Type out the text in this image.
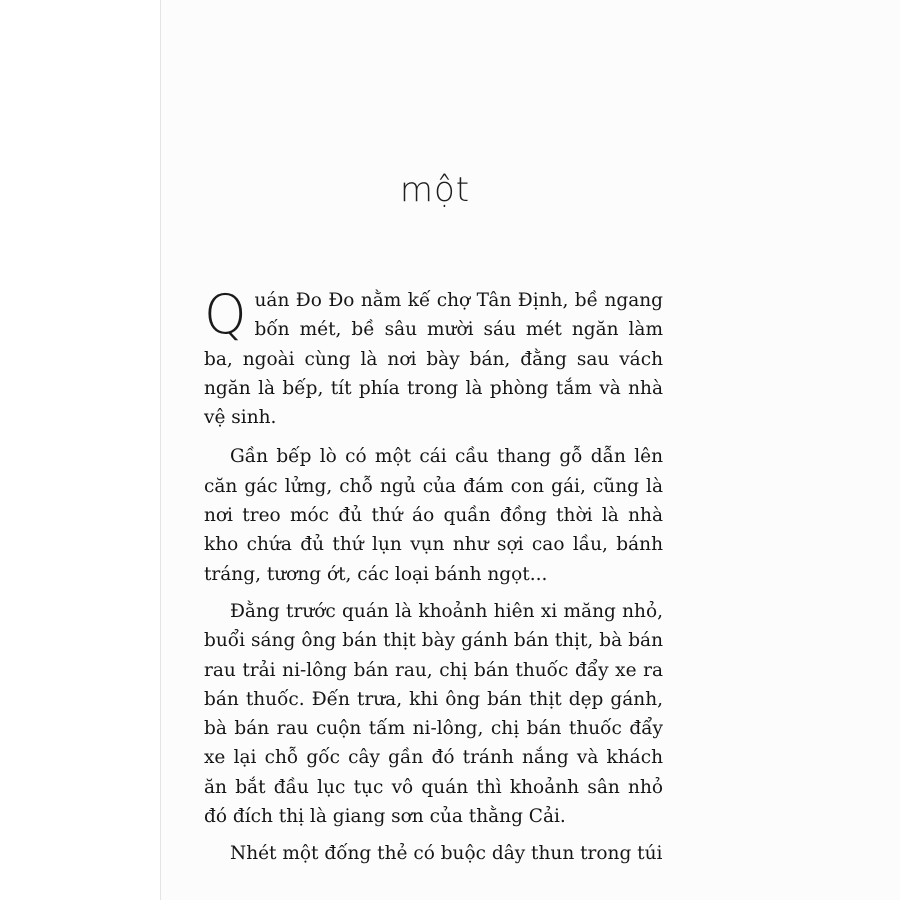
một

Quán Đo Đo nằm kế chợ Tân Định, bề ngang bốn mét, bề sâu mười sáu mét ngăn làm ba, ngoài cùng là nơi bày bán, đằng sau vách ngăn là bếp, tít phía trong là phòng tắm và nhà vệ sinh.

Gần bếp lò có một cái cầu thang gỗ dẫn lên căn gác lửng, chỗ ngủ của đám con gái, cũng là nơi treo móc đủ thứ áo quần đồng thời là nhà kho chứa đủ thứ lụn vụn như sợi cao lầu, bánh tráng, tương ớt, các loại bánh ngọt...

Đằng trước quán là khoảnh hiên xi măng nhỏ, buổi sáng ông bán thịt bày gánh bán thịt, bà bán rau trải ni-lông bán rau, chị bán thuốc đẩy xe ra bán thuốc. Đến trưa, khi ông bán thịt dẹp gánh, bà bán rau cuộn tấm ni-lông, chị bán thuốc đẩy xe lại chỗ gốc cây gần đó tránh nắng và khách ăn bắt đầu lục tục vô quán thì khoảnh sân nhỏ đó đích thị là giang sơn của thằng Cải.

Nhét một đống thẻ có buộc dây thun trong túi
